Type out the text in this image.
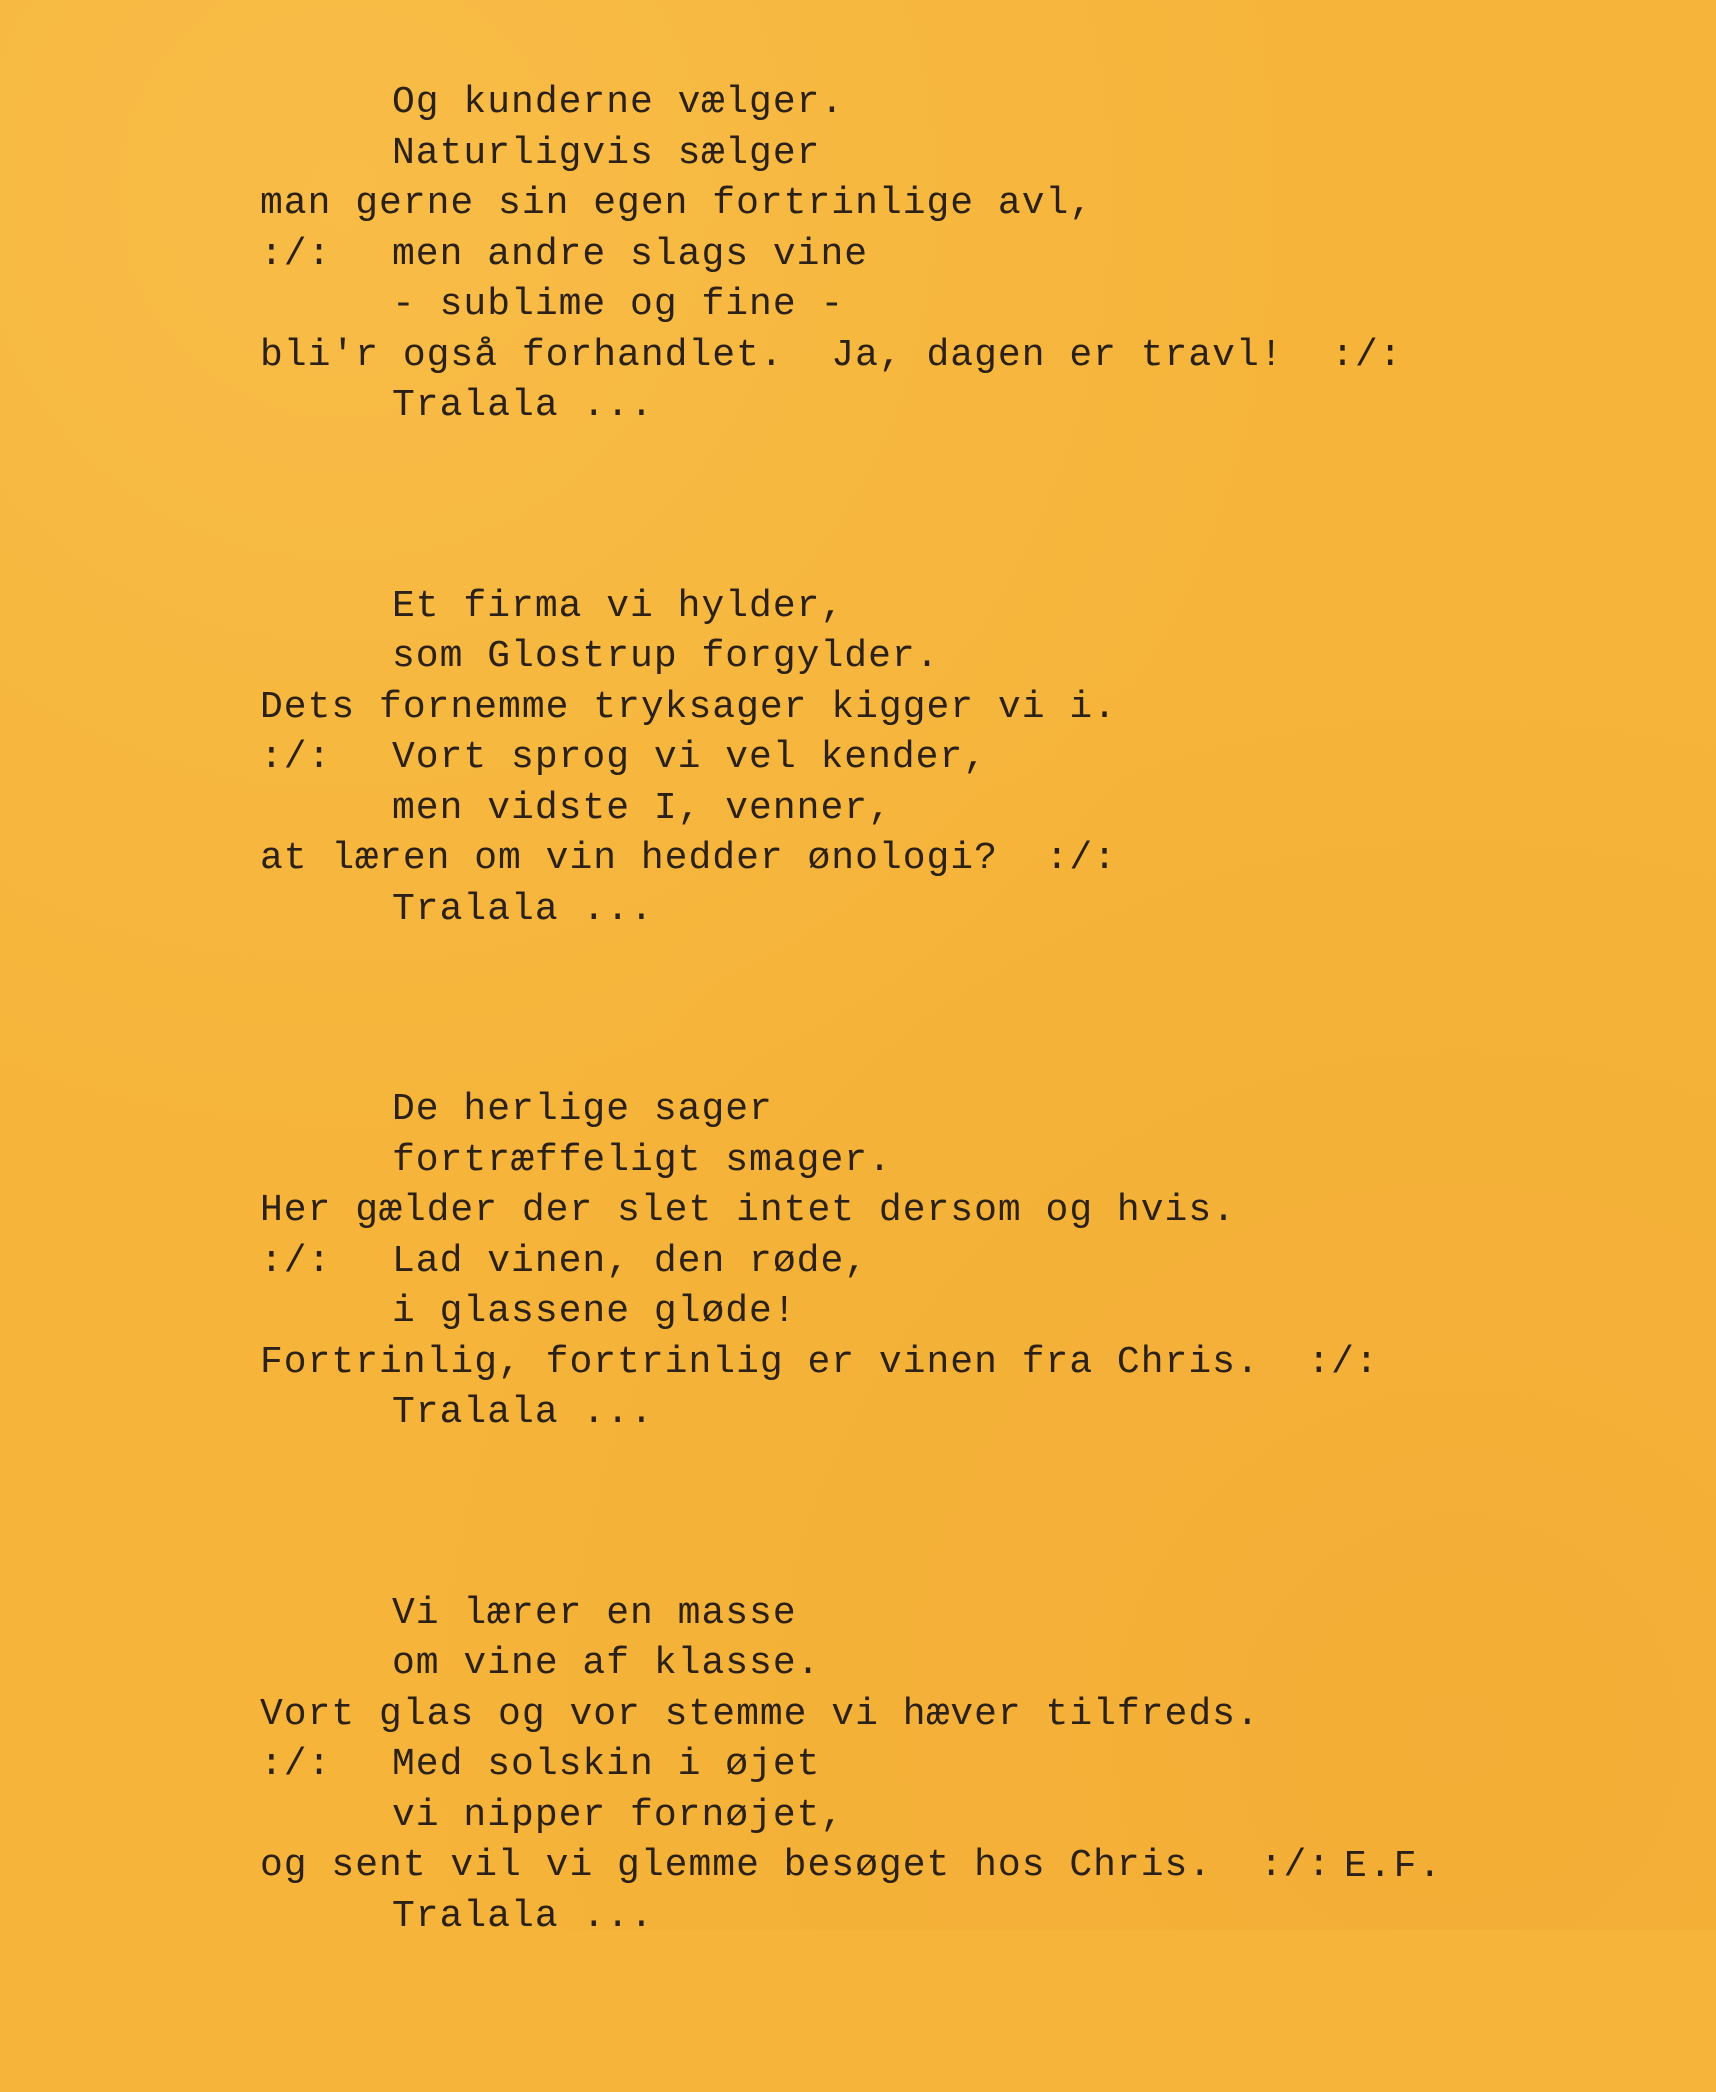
Og kunderne vælger.
Naturligvis sælger
man gerne sin egen fortrinlige avl,
:/: men andre slags vine
- sublime og fine -
bli'r også forhandlet.  Ja, dagen er travl!  :/:
Tralala ...
Et firma vi hylder,
som Glostrup forgylder.
Dets fornemme tryksager kigger vi i.
:/: Vort sprog vi vel kender,
men vidste I, venner,
at læren om vin hedder ønologi?  :/:
Tralala ...
De herlige sager
fortræffeligt smager.
Her gælder der slet intet dersom og hvis.
:/: Lad vinen, den røde,
i glassene gløde!
Fortrinlig, fortrinlig er vinen fra Chris.  :/:
Tralala ...
Vi lærer en masse
om vine af klasse.
Vort glas og vor stemme vi hæver tilfreds.
:/: Med solskin i øjet
vi nipper fornøjet,
og sent vil vi glemme besøget hos Chris.  :/:
Tralala ...
E.F.
